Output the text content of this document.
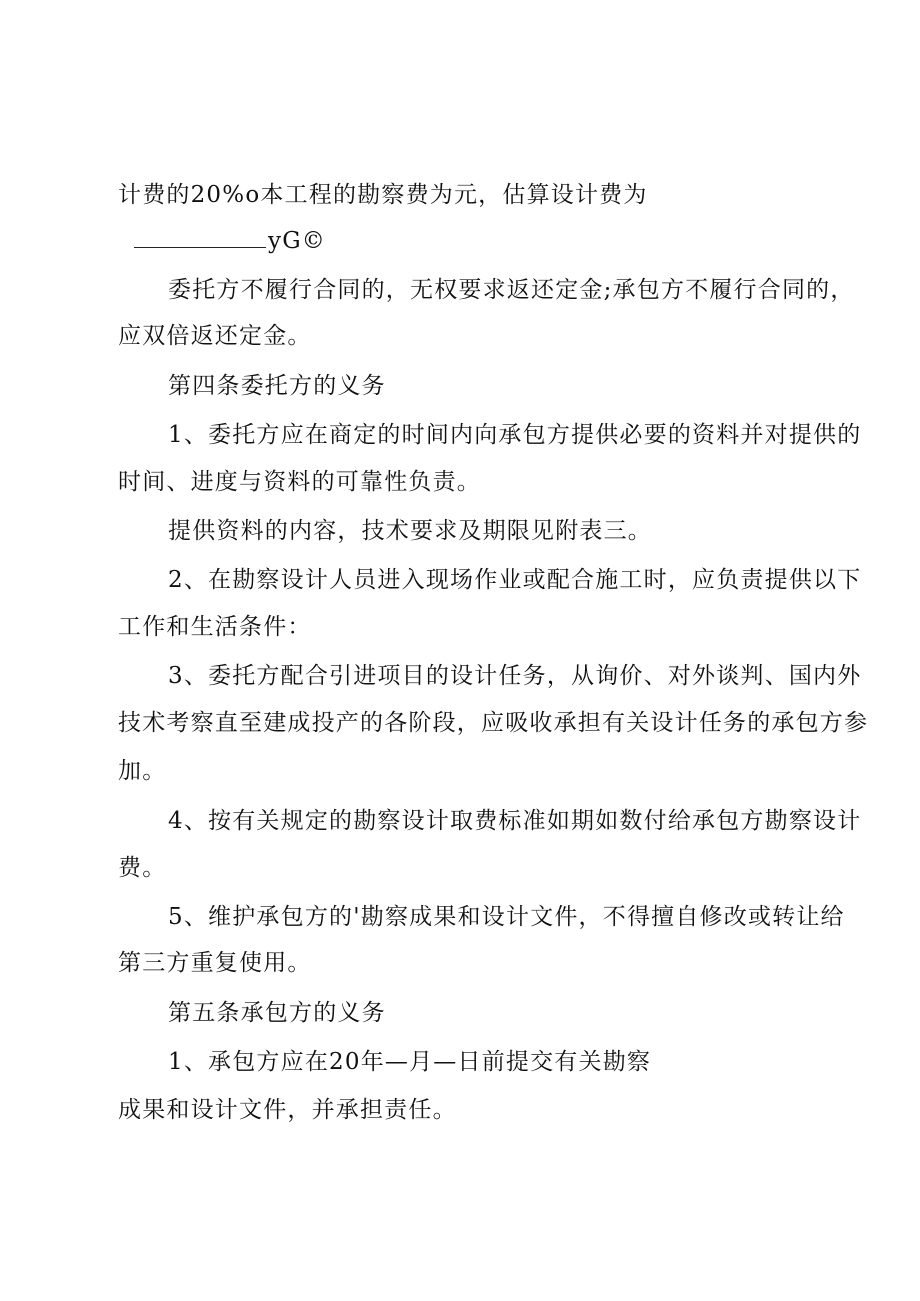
计费的20%o本工程的勘察费为元，估算设计费为
yG©
委托方不履行合同的，无权要求返还定金;承包方不履行合同的，
应双倍返还定金。
第四条委托方的义务
1、委托方应在商定的时间内向承包方提供必要的资料并对提供的
时间、进度与资料的可靠性负责。
提供资料的内容，技术要求及期限见附表三。
2、在勘察设计人员进入现场作业或配合施工时，应负责提供以下
工作和生活条件：
3、委托方配合引进项目的设计任务，从询价、对外谈判、国内外
技术考察直至建成投产的各阶段，应吸收承担有关设计任务的承包方参
加。
4、按有关规定的勘察设计取费标准如期如数付给承包方勘察设计
费。
5、维护承包方的'勘察成果和设计文件，不得擅自修改或转让给
第三方重复使用。
第五条承包方的义务
1、承包方应在20年—月—日前提交有关勘察
成果和设计文件，并承担责任。
